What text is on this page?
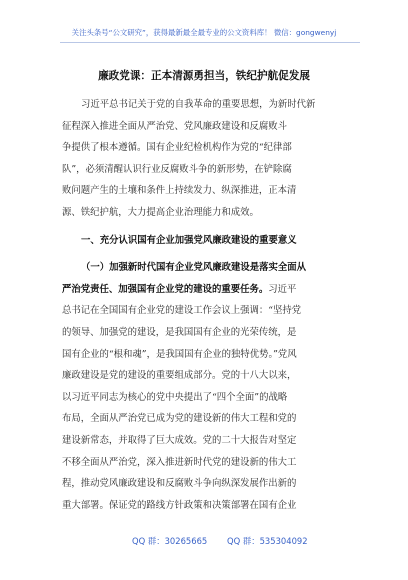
关注头条号“公文研究”，获得最新最全最专业的公文资料库！ 微信：gongwenyj
廉政党课：正本清源勇担当，铁纪护航促发展
习近平总书记关于党的自我革命的重要思想，为新时代新
征程深入推进全面从严治党、党风廉政建设和反腐败斗
争提供了根本遵循。国有企业纪检机构作为党的“纪律部
队”，必须清醒认识行业反腐败斗争的新形势，在铲除腐
败问题产生的土壤和条件上持续发力、纵深推进，正本清
源、铁纪护航，大力提高企业治理能力和成效。
一、充分认识国有企业加强党风廉政建设的重要意义
（一）加强新时代国有企业党风廉政建设是落实全面从
严治党责任、加强国有企业党的建设的重要任务。习近平
总书记在全国国有企业党的建设工作会议上强调：“坚持党
的领导、加强党的建设，是我国国有企业的光荣传统，是
国有企业的“根和魂”，是我国国有企业的独特优势。”党风
廉政建设是党的建设的重要组成部分。党的十八大以来，
以习近平同志为核心的党中央提出了“四个全面”的战略
布局，全面从严治党已成为党的建设新的伟大工程和党的
建设新常态，并取得了巨大成效。党的二十大报告对坚定
不移全面从严治党，深入推进新时代党的建设新的伟大工
程，推动党风廉政建设和反腐败斗争向纵深发展作出新的
重大部署。保证党的路线方针政策和决策部署在国有企业
QQ 群：30265665 QQ 群：535304092
